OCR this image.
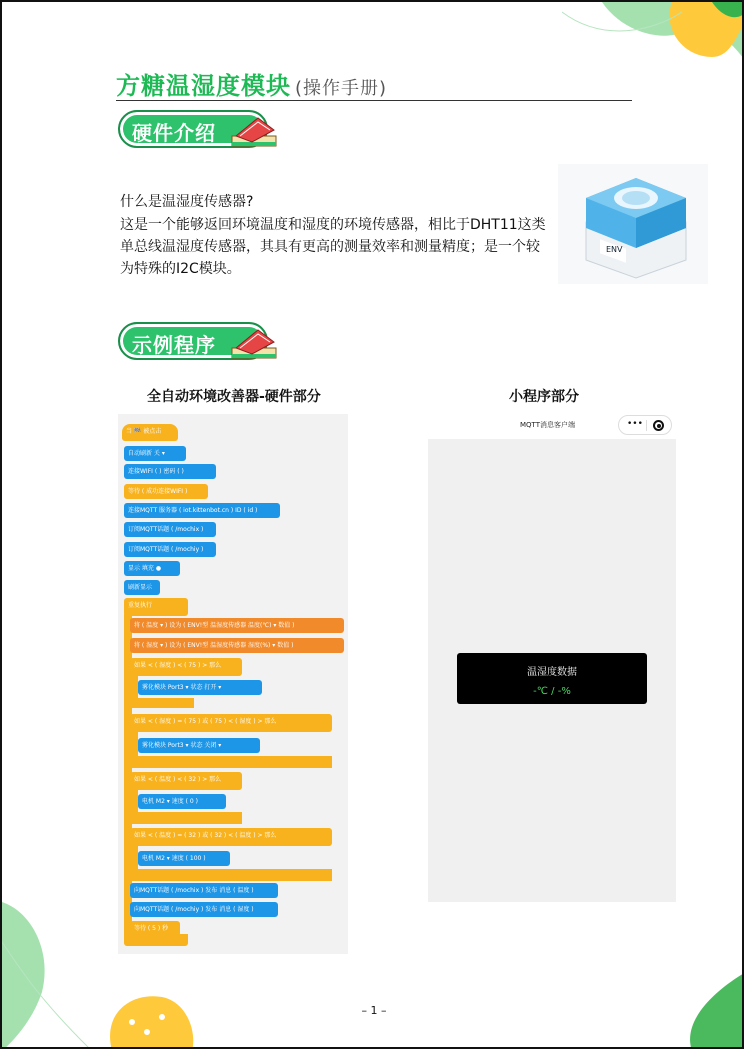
方糖温湿度模块 (操作手册)
硬件介绍
什么是温湿度传感器?
这是一个能够返回环境温度和湿度的环境传感器，相比于DHT11这类单总线温湿度传感器，其具有更高的测量效率和测量精度；是一个较为特殊的I2C模块。
ENV
示例程序
全自动环境改善器-硬件部分	小程序部分
当 🏁 被点击
自动刷新 关 ▾
连接WIFI ( ) 密码 ( )
等待 ( 成功连接WIFI )
连接MQTT 服务器 ( iot.kittenbot.cn ) ID ( id )
订阅MQTT话题 ( /mochix )
订阅MQTT话题 ( /mochiy )
显示 填充 ●
刷新显示
重复执行
将 ( 温度 ▾ ) 设为 ( ENV!型 温湿度传感器 温度(℃) ▾ 数值 )
将 ( 湿度 ▾ ) 设为 ( ENV!型 温湿度传感器 湿度(%) ▾ 数值 )
如果 < ( 湿度 ) < ( 75 ) > 那么
雾化模块 Port3 ▾ 状态 打开 ▾
如果 < ( 湿度 ) = ( 75 ) 或 ( 75 ) < ( 湿度 ) > 那么
雾化模块 Port3 ▾ 状态 关闭 ▾
如果 < ( 温度 ) < ( 32 ) > 那么
电机 M2 ▾ 速度 ( 0 )
如果 < ( 温度 ) = ( 32 ) 或 ( 32 ) < ( 温度 ) > 那么
电机 M2 ▾ 速度 ( 100 )
向MQTT话题 ( /mochix ) 发布 消息 ( 温度 )
向MQTT话题 ( /mochiy ) 发布 消息 ( 湿度 )
等待 ( 5 ) 秒
MQTT消息客户端	•••
温湿度数据
-℃ / -%
– 1 –
